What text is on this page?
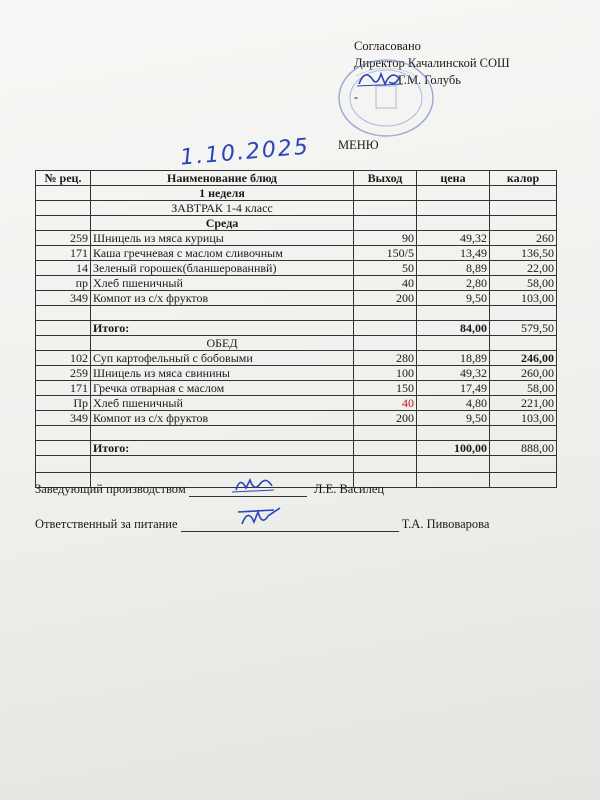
Согласовано
Директор Качалинской СОШ
Г.М. Голубь
-
МЕНЮ
1.10.2025
№ рец.	Наименование блюд	Выход	цена	калор
	1 неделя			
	ЗАВТРАК 1-4 класс			
	Среда			
259	Шницель из мяса курицы	90	49,32	260
171	Каша гречневая с маслом сливочным	150/5	13,49	136,50
14	Зеленый горошек(бланшерованнвй)	50	8,89	22,00
пр	Хлеб пшеничный	40	2,80	58,00
349	Компот из с/х фруктов	200	9,50	103,00

	Итого:		84,00	579,50
	ОБЕД			
102	Суп картофельный с бобовыми	280	18,89	246,00
259	Шницель из мяса свинины	100	49,32	260,00
171	Гречка отварная с маслом	150	17,49	58,00
Пр	Хлеб пшеничный	40	4,80	221,00
349	Компот из с/х фруктов	200	9,50	103,00

	Итого:		100,00	888,00

Заведующий производством	Л.Е. Василец
Ответственный за питание	Т.А. Пивоварова
